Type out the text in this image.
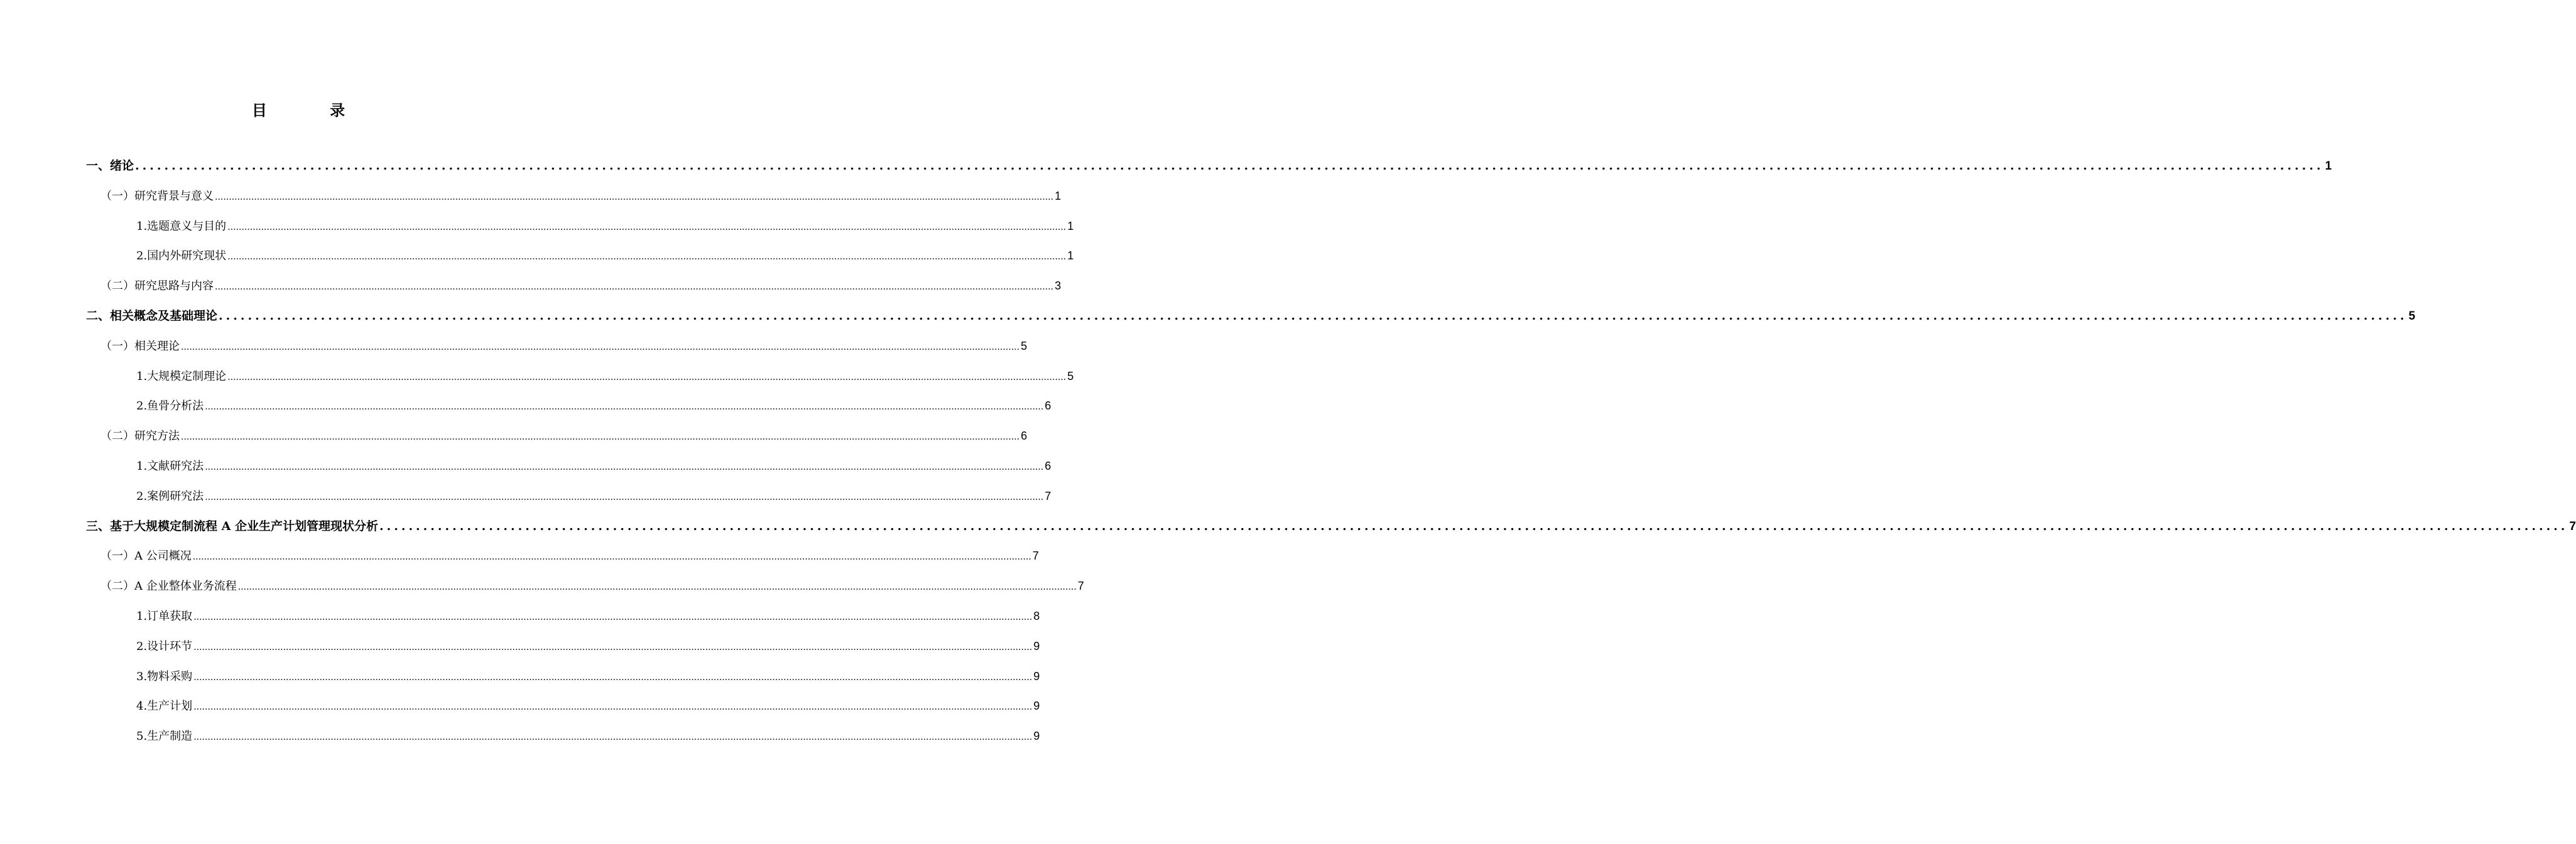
目 录
一、绪论 ............................................................................................................................................................................................................................................................................................................ 1
（一）研究背景与意义 ............................................................................................................................................................................................................................................................................................................ 1
1.选题意义与目的 ............................................................................................................................................................................................................................................................................................................ 1
2.国内外研究现状 ............................................................................................................................................................................................................................................................................................................ 1
（二）研究思路与内容 ............................................................................................................................................................................................................................................................................................................ 3
二、相关概念及基础理论 ............................................................................................................................................................................................................................................................................................................ 5
（一）相关理论 ............................................................................................................................................................................................................................................................................................................ 5
1.大规模定制理论 ............................................................................................................................................................................................................................................................................................................ 5
2.鱼骨分析法 ............................................................................................................................................................................................................................................................................................................ 6
（二）研究方法 ............................................................................................................................................................................................................................................................................................................ 6
1.文献研究法 ............................................................................................................................................................................................................................................................................................................ 6
2.案例研究法 ............................................................................................................................................................................................................................................................................................................ 7
三、基于大规模定制流程 A 企业生产计划管理现状分析 ............................................................................................................................................................................................................................................................................................................ 7
（一）A 公司概况 ............................................................................................................................................................................................................................................................................................................ 7
（二）A 企业整体业务流程 ............................................................................................................................................................................................................................................................................................................ 7
1.订单获取 ............................................................................................................................................................................................................................................................................................................ 8
2.设计环节 ............................................................................................................................................................................................................................................................................................................ 9
3.物料采购 ............................................................................................................................................................................................................................................................................................................ 9
4.生产计划 ............................................................................................................................................................................................................................................................................................................ 9
5.生产制造 ............................................................................................................................................................................................................................................................................................................ 9
